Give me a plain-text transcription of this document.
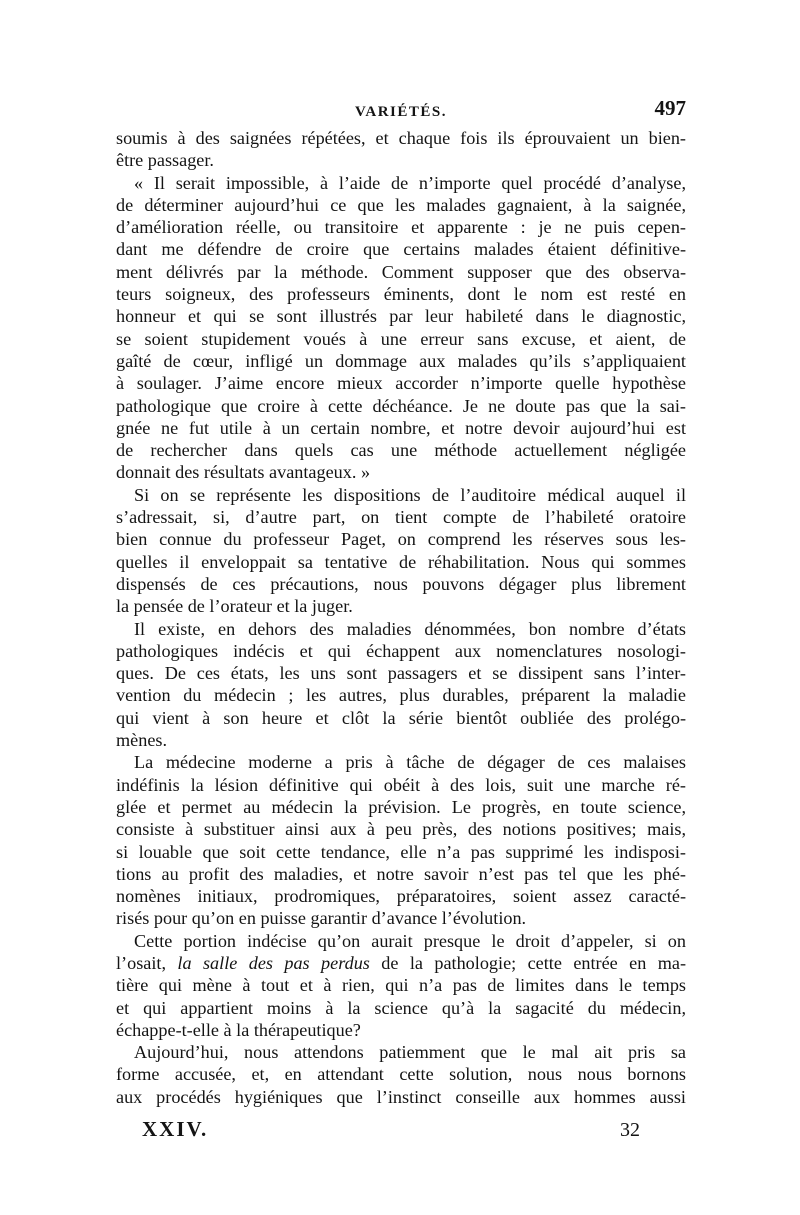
VARIÉTÉS.	497
soumis à des saignées répétées, et chaque fois ils éprouvaient un bien-
être passager.
« Il serait impossible, à l’aide de n’importe quel procédé d’analyse,
de déterminer aujourd’hui ce que les malades gagnaient, à la saignée,
d’amélioration réelle, ou transitoire et apparente : je ne puis cepen-
dant me défendre de croire que certains malades étaient définitive-
ment délivrés par la méthode. Comment supposer que des observa-
teurs soigneux, des professeurs éminents, dont le nom est resté en
honneur et qui se sont illustrés par leur habileté dans le diagnostic,
se soient stupidement voués à une erreur sans excuse, et aient, de
gaîté de cœur, infligé un dommage aux malades qu’ils s’appliquaient
à soulager. J’aime encore mieux accorder n’importe quelle hypothèse
pathologique que croire à cette déchéance. Je ne doute pas que la sai-
gnée ne fut utile à un certain nombre, et notre devoir aujourd’hui est
de rechercher dans quels cas une méthode actuellement négligée
donnait des résultats avantageux. »
Si on se représente les dispositions de l’auditoire médical auquel il
s’adressait, si, d’autre part, on tient compte de l’habileté oratoire
bien connue du professeur Paget, on comprend les réserves sous les-
quelles il enveloppait sa tentative de réhabilitation. Nous qui sommes
dispensés de ces précautions, nous pouvons dégager plus librement
la pensée de l’orateur et la juger.
Il existe, en dehors des maladies dénommées, bon nombre d’états
pathologiques indécis et qui échappent aux nomenclatures nosologi-
ques. De ces états, les uns sont passagers et se dissipent sans l’inter-
vention du médecin ; les autres, plus durables, préparent la maladie
qui vient à son heure et clôt la série bientôt oubliée des prolégo-
mènes.
La médecine moderne a pris à tâche de dégager de ces malaises
indéfinis la lésion définitive qui obéit à des lois, suit une marche ré-
glée et permet au médecin la prévision. Le progrès, en toute science,
consiste à substituer ainsi aux à peu près, des notions positives; mais,
si louable que soit cette tendance, elle n’a pas supprimé les indisposi-
tions au profit des maladies, et notre savoir n’est pas tel que les phé-
nomènes initiaux, prodromiques, préparatoires, soient assez caracté-
risés pour qu’on en puisse garantir d’avance l’évolution.
Cette portion indécise qu’on aurait presque le droit d’appeler, si on
l’osait, la salle des pas perdus de la pathologie; cette entrée en ma-
tière qui mène à tout et à rien, qui n’a pas de limites dans le temps
et qui appartient moins à la science qu’à la sagacité du médecin,
échappe-t-elle à la thérapeutique?
Aujourd’hui, nous attendons patiemment que le mal ait pris sa
forme accusée, et, en attendant cette solution, nous nous bornons
aux procédés hygiéniques que l’instinct conseille aux hommes aussi
XXIV.	32
